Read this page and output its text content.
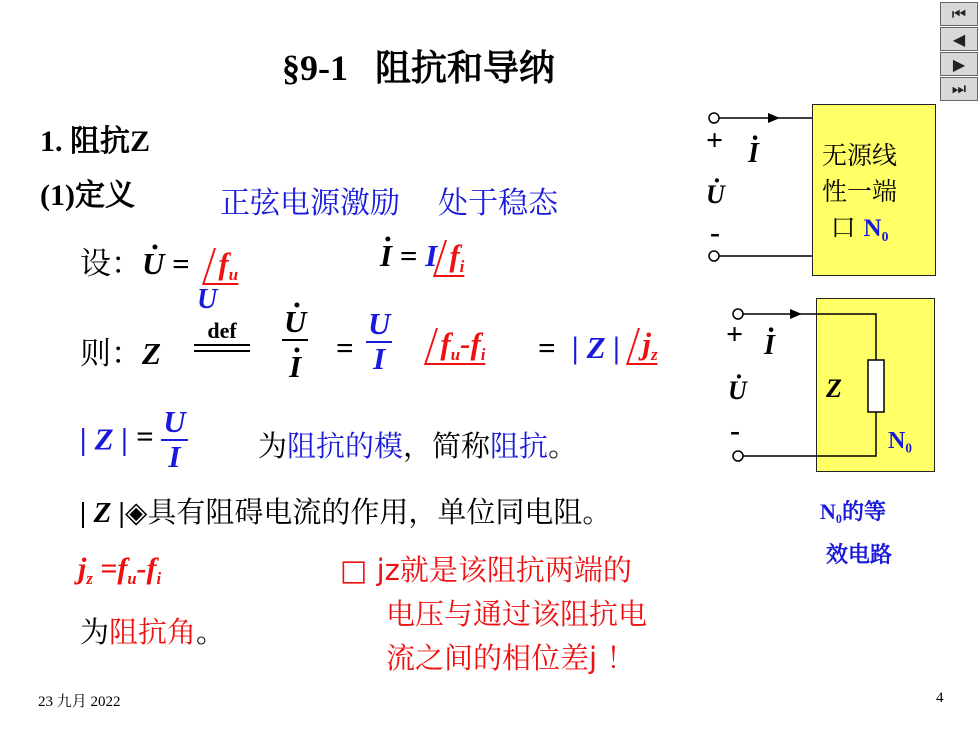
⏮
◀
▶
⏭
§9-1   阻抗和导纳
1. 阻抗Z
(1)定义	正弦电源激励    处于稳态
设：· $U = f_u$
U
· I = I $f_i$
则：Z
def	· U
· $I = \frac{U}{I}$	$f_u-f_i$ = | Z | $j_z$
| Z | = $\frac{U}{I}$ 为阻抗的模，简称阻抗。
| Z |◈具有阻碍电流的作用，单位同电阻。
$j_z =f_u-f_i$
为阻抗角。
□ jz就是该阻抗两端的
电压与通过该阻抗电
流之间的相位差j ！
+ · I
· U
-
无源线
性一端
口 $N_0$
Z
$N_0$
+ · I
· U
-
$N_0$的等
效电路
23 九月 2022	4
